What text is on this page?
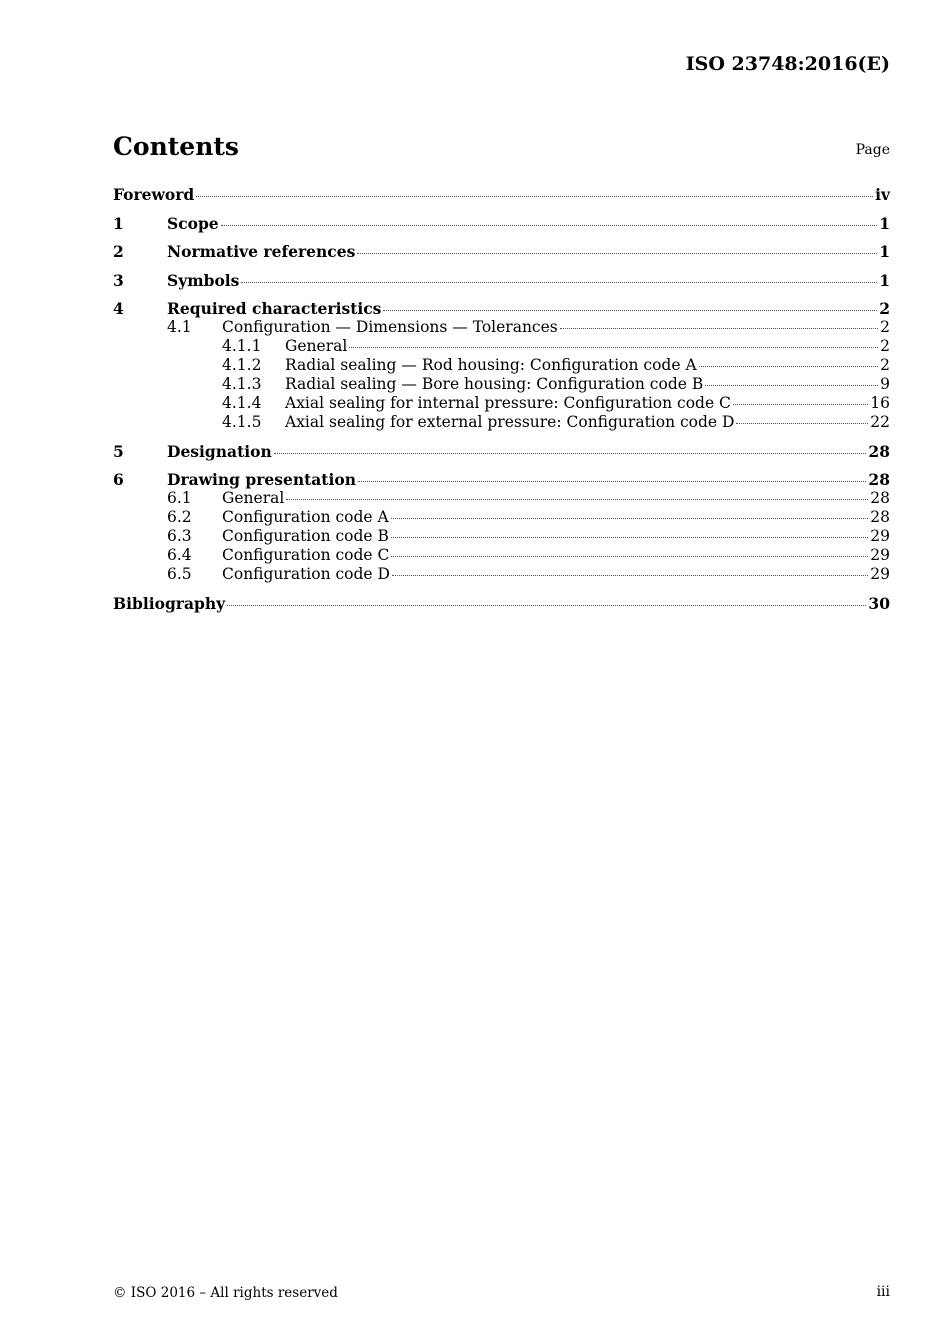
ISO 23748:2016(E)
Contents	Page
Foreword	iv
1	Scope	1
2	Normative references	1
3	Symbols	1
4	Required characteristics	2
4.1	Configuration — Dimensions — Tolerances	2
4.1.1	General	2
4.1.2	Radial sealing — Rod housing: Configuration code A	2
4.1.3	Radial sealing — Bore housing: Configuration code B	9
4.1.4	Axial sealing for internal pressure: Configuration code C	16
4.1.5	Axial sealing for external pressure: Configuration code D	22
5	Designation	28
6	Drawing presentation	28
6.1	General	28
6.2	Configuration code A	28
6.3	Configuration code B	29
6.4	Configuration code C	29
6.5	Configuration code D	29
Bibliography	30
© ISO 2016 – All rights reserved	iii
